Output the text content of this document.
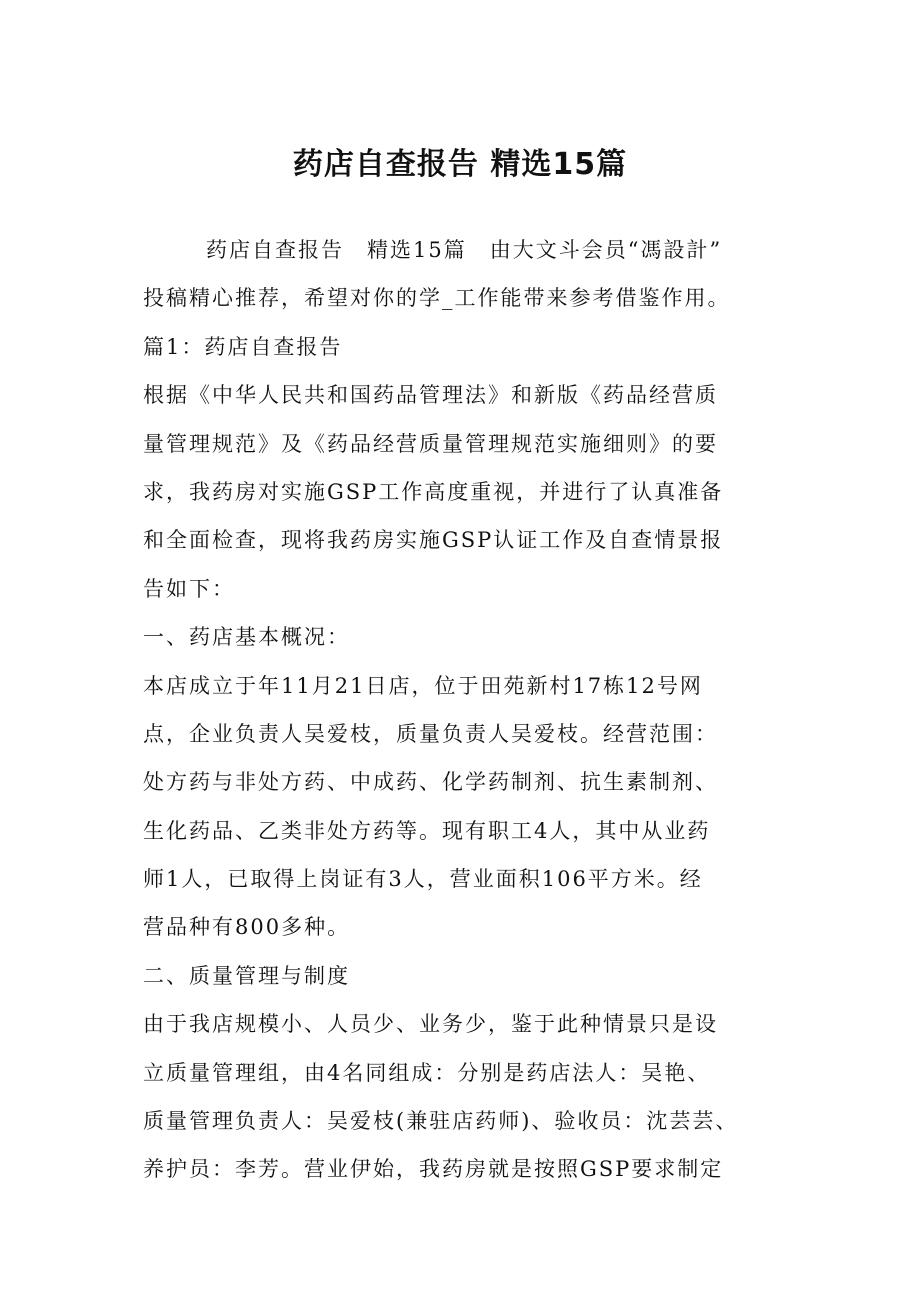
药店自查报告 精选15篇
药店自查报告　精选15篇　由大文斗会员“馮設計”
投稿精心推荐，希望对你的学_工作能带来参考借鉴作用。
篇1：药店自查报告
根据《中华人民共和国药品管理法》和新版《药品经营质
量管理规范》及《药品经营质量管理规范实施细则》的要
求，我药房对实施GSP工作高度重视，并进行了认真准备
和全面检查，现将我药房实施GSP认证工作及自查情景报
告如下：
一、药店基本概况：
本店成立于年11月21日店，位于田苑新村17栋12号网
点，企业负责人吴爱枝，质量负责人吴爱枝。经营范围：
处方药与非处方药、中成药、化学药制剂、抗生素制剂、
生化药品、乙类非处方药等。现有职工4人，其中从业药
师1人，已取得上岗证有3人，营业面积106平方米。经
营品种有800多种。
二、质量管理与制度
由于我店规模小、人员少、业务少，鉴于此种情景只是设
立质量管理组，由4名同组成：分别是药店法人：吴艳、
质量管理负责人：吴爱枝(兼驻店药师)、验收员：沈芸芸、
养护员：李芳。营业伊始，我药房就是按照GSP要求制定
